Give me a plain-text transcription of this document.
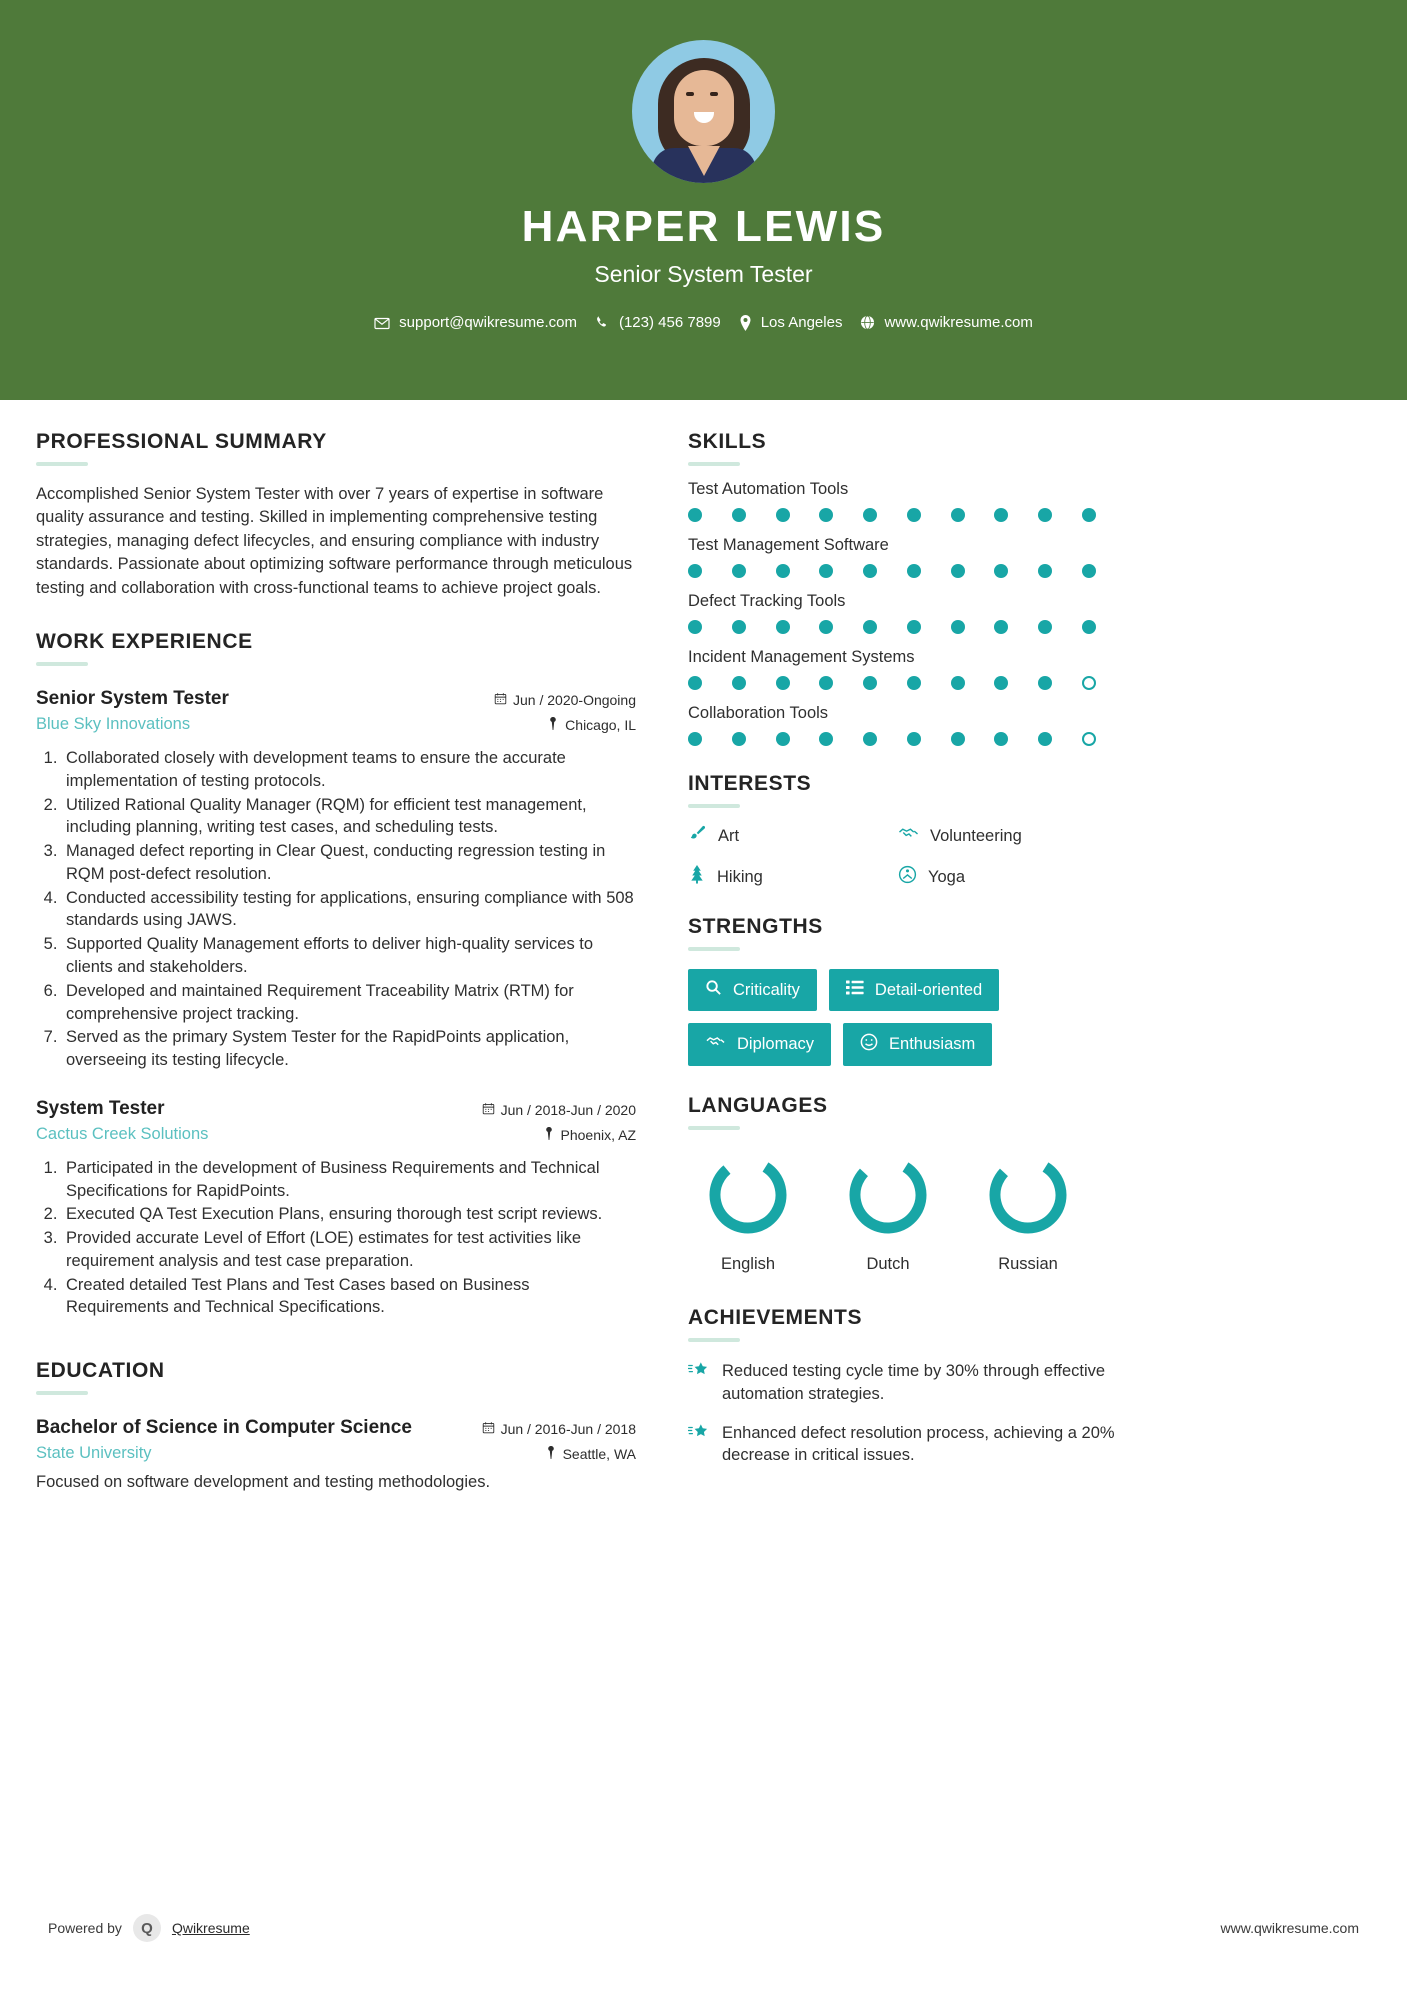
HARPER LEWIS
Senior System Tester
support@qwikresume.com	(123) 456 7899	Los Angeles	www.qwikresume.com
PROFESSIONAL SUMMARY
Accomplished Senior System Tester with over 7 years of expertise in software quality assurance and testing. Skilled in implementing comprehensive testing strategies, managing defect lifecycles, and ensuring compliance with industry standards. Passionate about optimizing software performance through meticulous testing and collaboration with cross-functional teams to achieve project goals.
WORK EXPERIENCE
Senior System Tester
Blue Sky Innovations
Jun / 2020-Ongoing
Chicago, IL
1. Collaborated closely with development teams to ensure the accurate implementation of testing protocols.
2. Utilized Rational Quality Manager (RQM) for efficient test management, including planning, writing test cases, and scheduling tests.
3. Managed defect reporting in Clear Quest, conducting regression testing in RQM post-defect resolution.
4. Conducted accessibility testing for applications, ensuring compliance with 508 standards using JAWS.
5. Supported Quality Management efforts to deliver high-quality services to clients and stakeholders.
6. Developed and maintained Requirement Traceability Matrix (RTM) for comprehensive project tracking.
7. Served as the primary System Tester for the RapidPoints application, overseeing its testing lifecycle.
System Tester
Cactus Creek Solutions
Jun / 2018-Jun / 2020
Phoenix, AZ
1. Participated in the development of Business Requirements and Technical Specifications for RapidPoints.
2. Executed QA Test Execution Plans, ensuring thorough test script reviews.
3. Provided accurate Level of Effort (LOE) estimates for test activities like requirement analysis and test case preparation.
4. Created detailed Test Plans and Test Cases based on Business Requirements and Technical Specifications.
EDUCATION
Bachelor of Science in Computer Science
State University
Jun / 2016-Jun / 2018
Seattle, WA
Focused on software development and testing methodologies.
SKILLS
Test Automation Tools
Test Management Software
Defect Tracking Tools
Incident Management Systems
Collaboration Tools
INTERESTS
Art	Volunteering
Hiking	Yoga
STRENGTHS
Criticality	Detail-oriented
Diplomacy	Enthusiasm
LANGUAGES
English	Dutch	Russian
ACHIEVEMENTS
Reduced testing cycle time by 30% through effective automation strategies.
Enhanced defect resolution process, achieving a 20% decrease in critical issues.
Powered by	Q	Qwikresume	www.qwikresume.com
